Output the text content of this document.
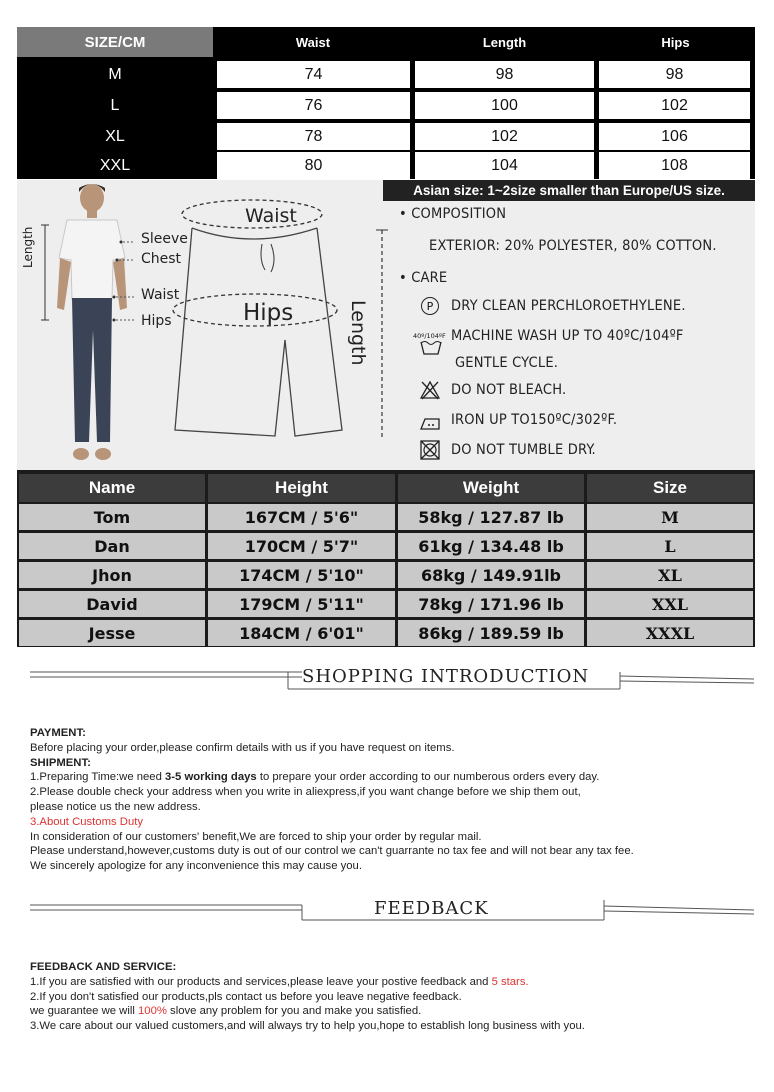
SIZE/CM	Waist	Length	Hips
M	74	98	98
L	76	100	102
XL	78	102	106
XXL	80	104	108
Asian size: 1~2size smaller than Europe/US size.
Length	Sleeve
Chest
Waist
Hips
Waist
Hips	Length
• COMPOSITION
EXTERIOR: 20% POLYESTER, 80% COTTON.
• CARE
P	DRY CLEAN PERCHLOROETHYLENE.
40º/104ºF MACHINE WASH UP TO 40ºC/104ºF
GENTLE CYCLE.
DO NOT BLEACH.
IRON UP TO150ºC/302ºF.
DO NOT TUMBLE DRY.
Name	Height	Weight	Size
Tom	167CM / 5'6"	58kg / 127.87 lb	M
Dan	170CM / 5'7"	61kg / 134.48 lb	L
Jhon	174CM / 5'10"	68kg / 149.91lb	XL
David	179CM / 5'11"	78kg / 171.96 lb	XXL
Jesse	184CM / 6'01"	86kg / 189.59 lb	XXXL
SHOPPING INTRODUCTION
PAYMENT:
Before placing your order,please confirm details with us if you have request on items.
SHIPMENT:
1.Preparing Time:we need 3-5 working days to prepare your order according to our numberous orders every day.
2.Please double check your address when you write in aliexpress,if you want change before we ship them out,
please notice us the new address.
3.About Customs Duty
In consideration of our customers' benefit,We are forced to ship your order by regular mail.
Please understand,however,customs duty is out of our control we can't guarrante no tax fee and will not bear any tax fee.
We sincerely apologize for any inconvenience this may cause you.
FEEDBACK
FEEDBACK AND SERVICE:
1.If you are satisfied with our products and services,please leave your postive feedback and 5 stars.
2.If you don't satisfied our products,pls contact us before you leave negative feedback.
we guarantee we will 100% slove any problem for you and make you satisfied.
3.We care about our valued customers,and will always try to help you,hope to establish long business with you.
